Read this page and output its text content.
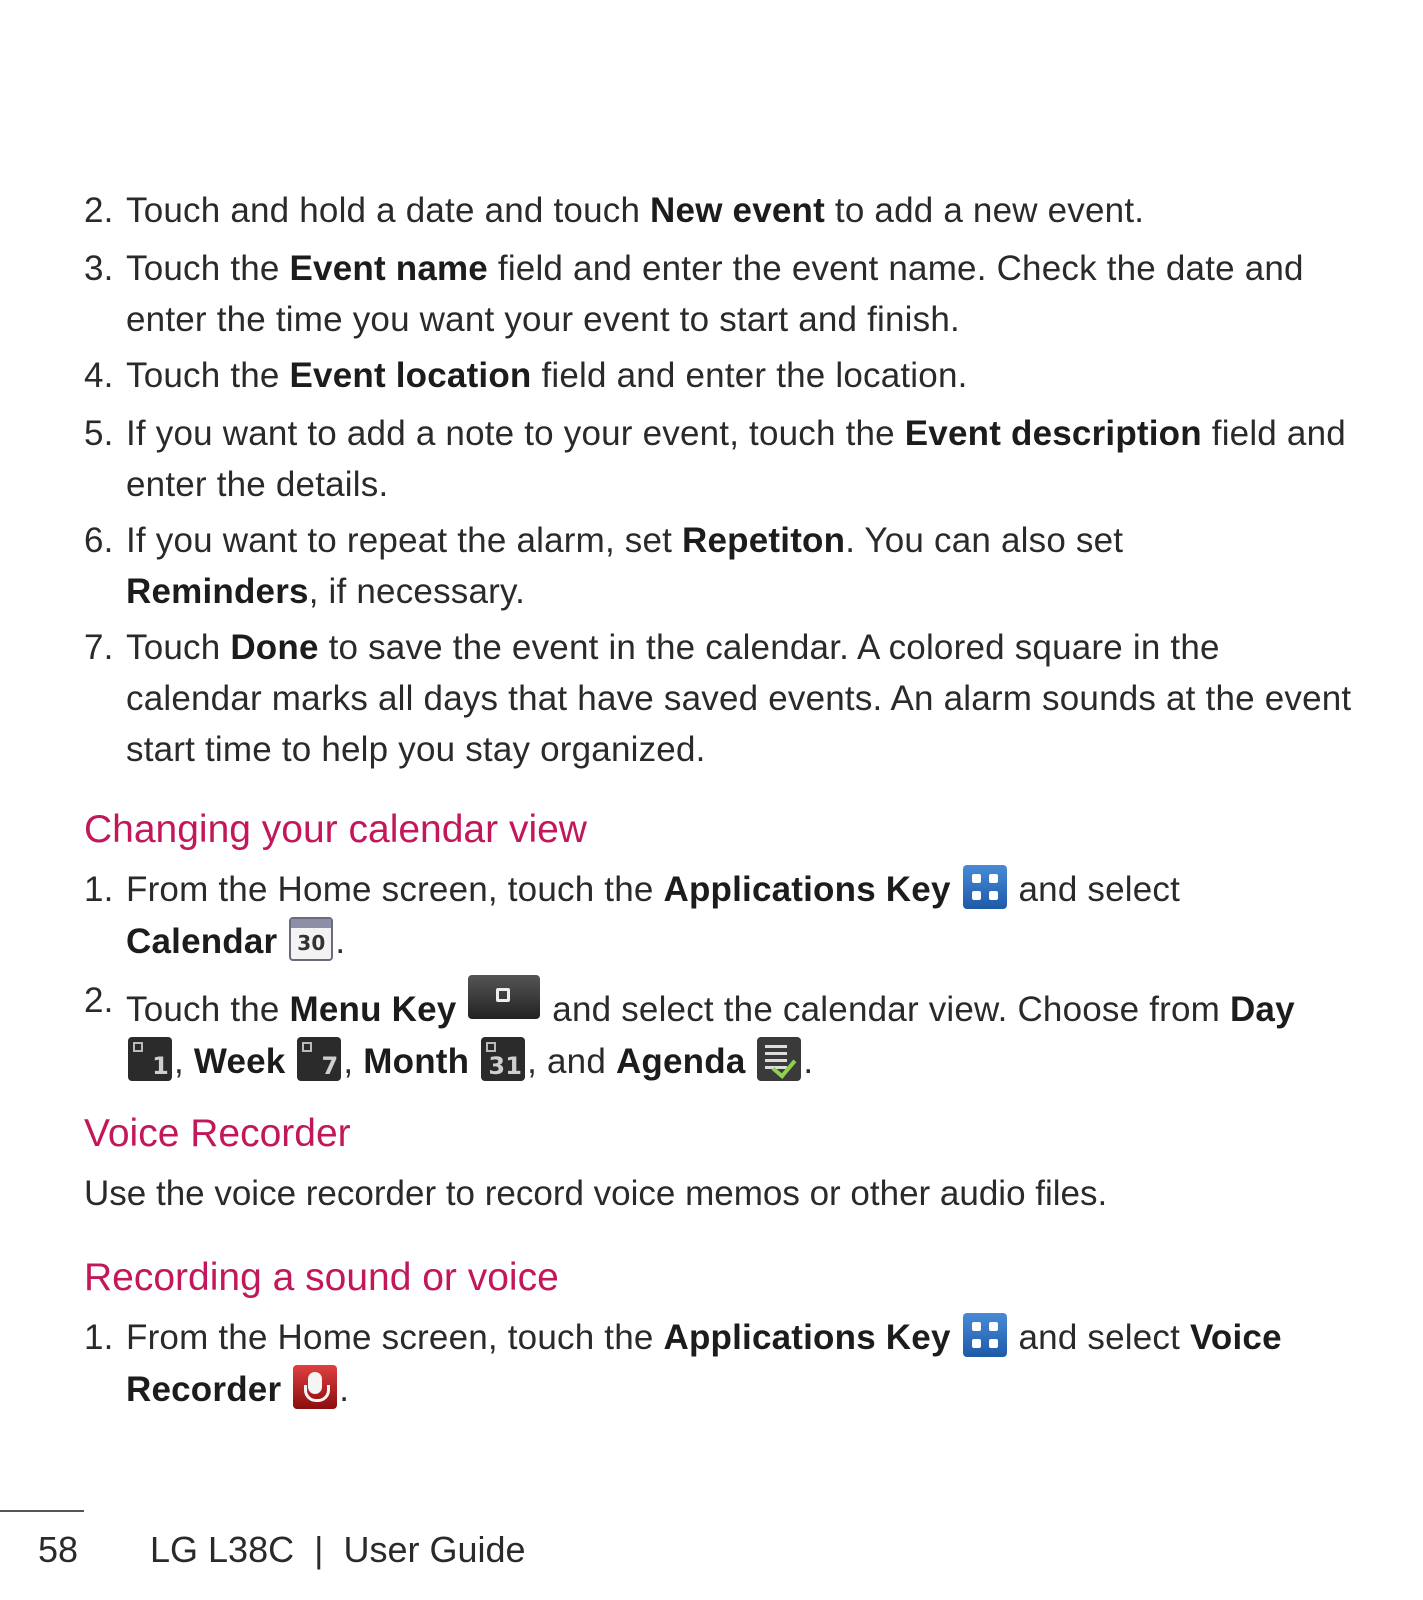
2. Touch and hold a date and touch New event to add a new event.
3. Touch the Event name field and enter the event name. Check the date and enter the time you want your event to start and finish.
4. Touch the Event location field and enter the location.
5. If you want to add a note to your event, touch the Event description field and enter the details.
6. If you want to repeat the alarm, set Repetiton. You can also set
Reminders, if necessary.
7. Touch Done to save the event in the calendar. A colored square in the calendar marks all days that have saved events. An alarm sounds at the event start time to help you stay organized.
Changing your calendar view
1. From the Home screen, touch the Applications Key
and select
Calendar 30 .
2. Touch the Menu Key  and select the calendar view. Choose from Day

1 , Week 7 , Month 31 , and Agenda .
Voice Recorder
Use the voice recorder to record voice memos or other audio files.
Recording a sound or voice
1. From the Home screen, touch the Applications Key
and select Voice
Recorder .
58 LG L38C  |  User Guide
